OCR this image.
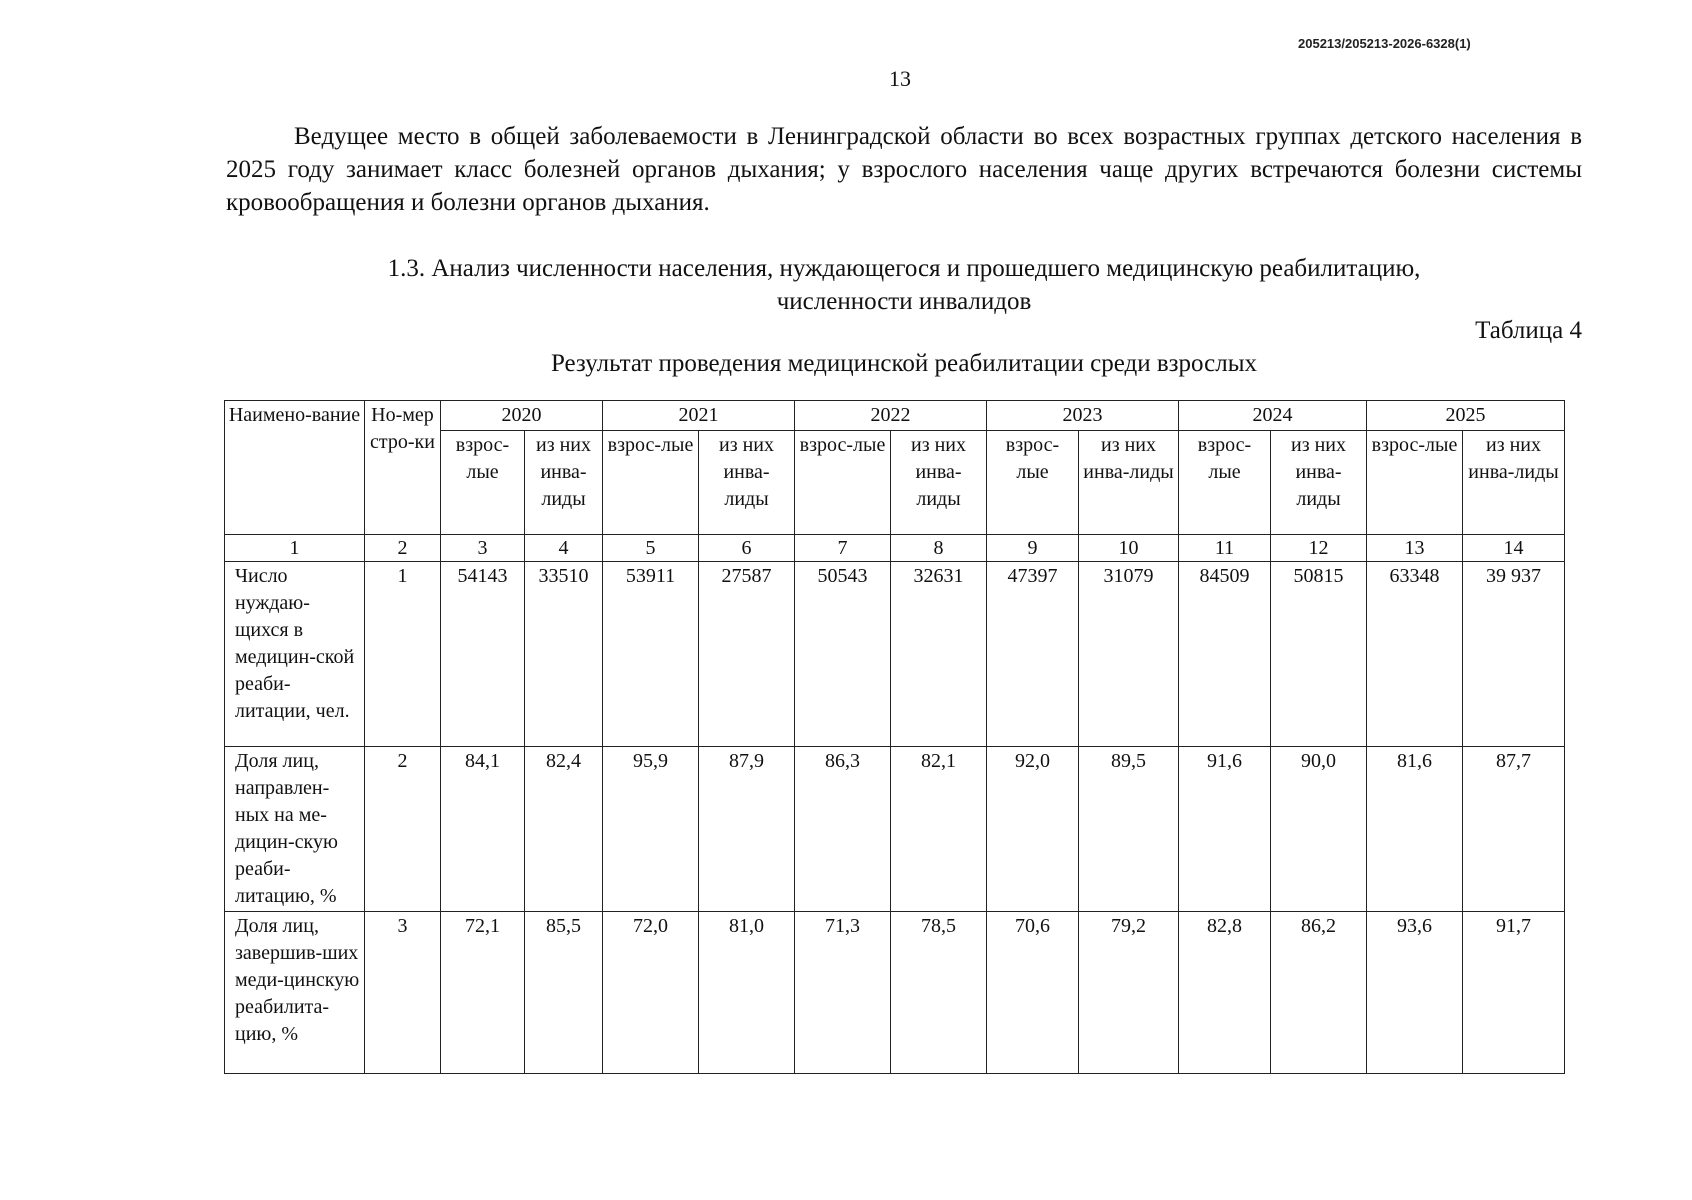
205213/205213-2026-6328(1)
13

Ведущее место в общей заболеваемости в Ленинградской области во всех возрастных группах детского населения в 2025 году занимает класс болезней органов дыхания; у взрослого населения чаще других встречаются болезни системы кровообращения и болезни органов дыхания.

1.3. Анализ численности населения, нуждающегося и прошедшего медицинскую реабилитацию,
численности инвалидов
Таблица 4
Результат проведения медицинской реабилитации среди взрослых
Наимено-вание	Но-мер стро-ки	2020		2021		2022		2023		2024		2025	
		взрос-лые	из них инва-лиды	взрос-лые	из них инва-лиды	взрос-лые	из них инва-лиды	взрос-лые	из них инва-лиды	взрос-лые	из них инва-лиды	взрос-лые	из них инва-лиды
1	2	3	4	5	6	7	8	9	10	11	12	13	14
Число нуждаю-щихся в медицин-ской реаби-литации, чел.	1	54143	33510	53911	27587	50543	32631	47397	31079	84509	50815	63348	39 937
Доля лиц, направлен-ных на ме-дицин-скую реаби-литацию, %	2	84,1	82,4	95,9	87,9	86,3	82,1	92,0	89,5	91,6	90,0	81,6	87,7
Доля лиц, завершив-ших меди-цинскую реабилита-цию, %	3	72,1	85,5	72,0	81,0	71,3	78,5	70,6	79,2	82,8	86,2	93,6	91,7
